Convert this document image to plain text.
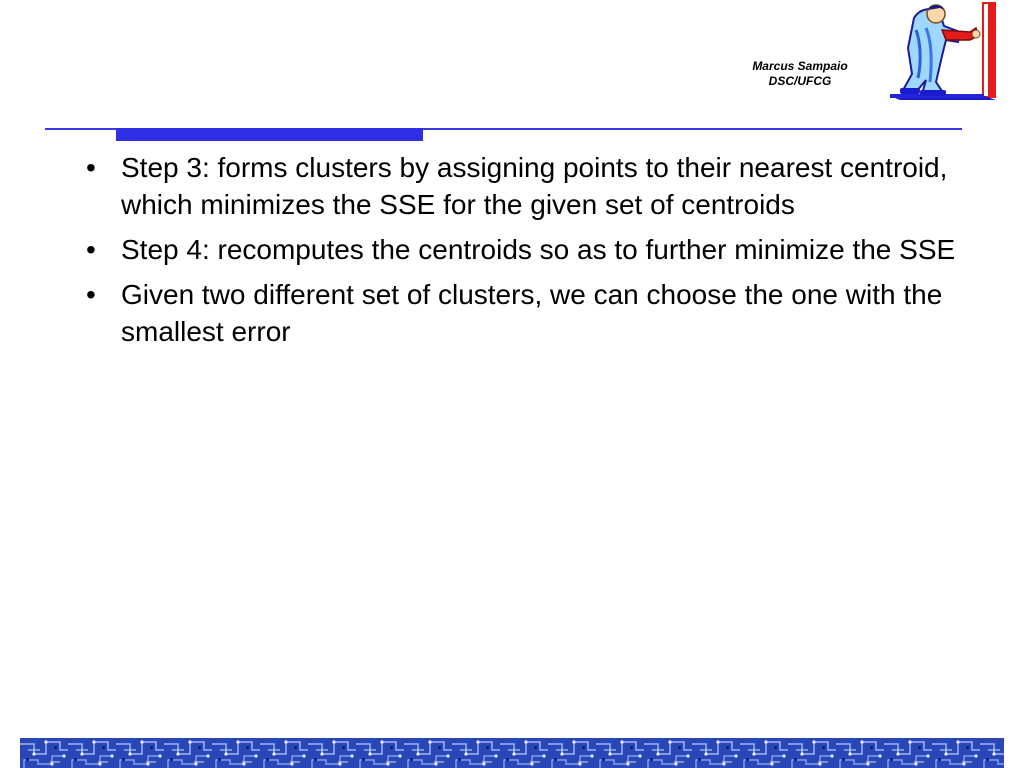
Marcus Sampaio
DSC/UFCG
• Step 3: forms clusters by assigning points to their nearest centroid, which minimizes the SSE for the given set of centroids
• Step 4: recomputes the centroids so as to further minimize the SSE
• Given two different set of clusters, we can choose the one with the smallest error
